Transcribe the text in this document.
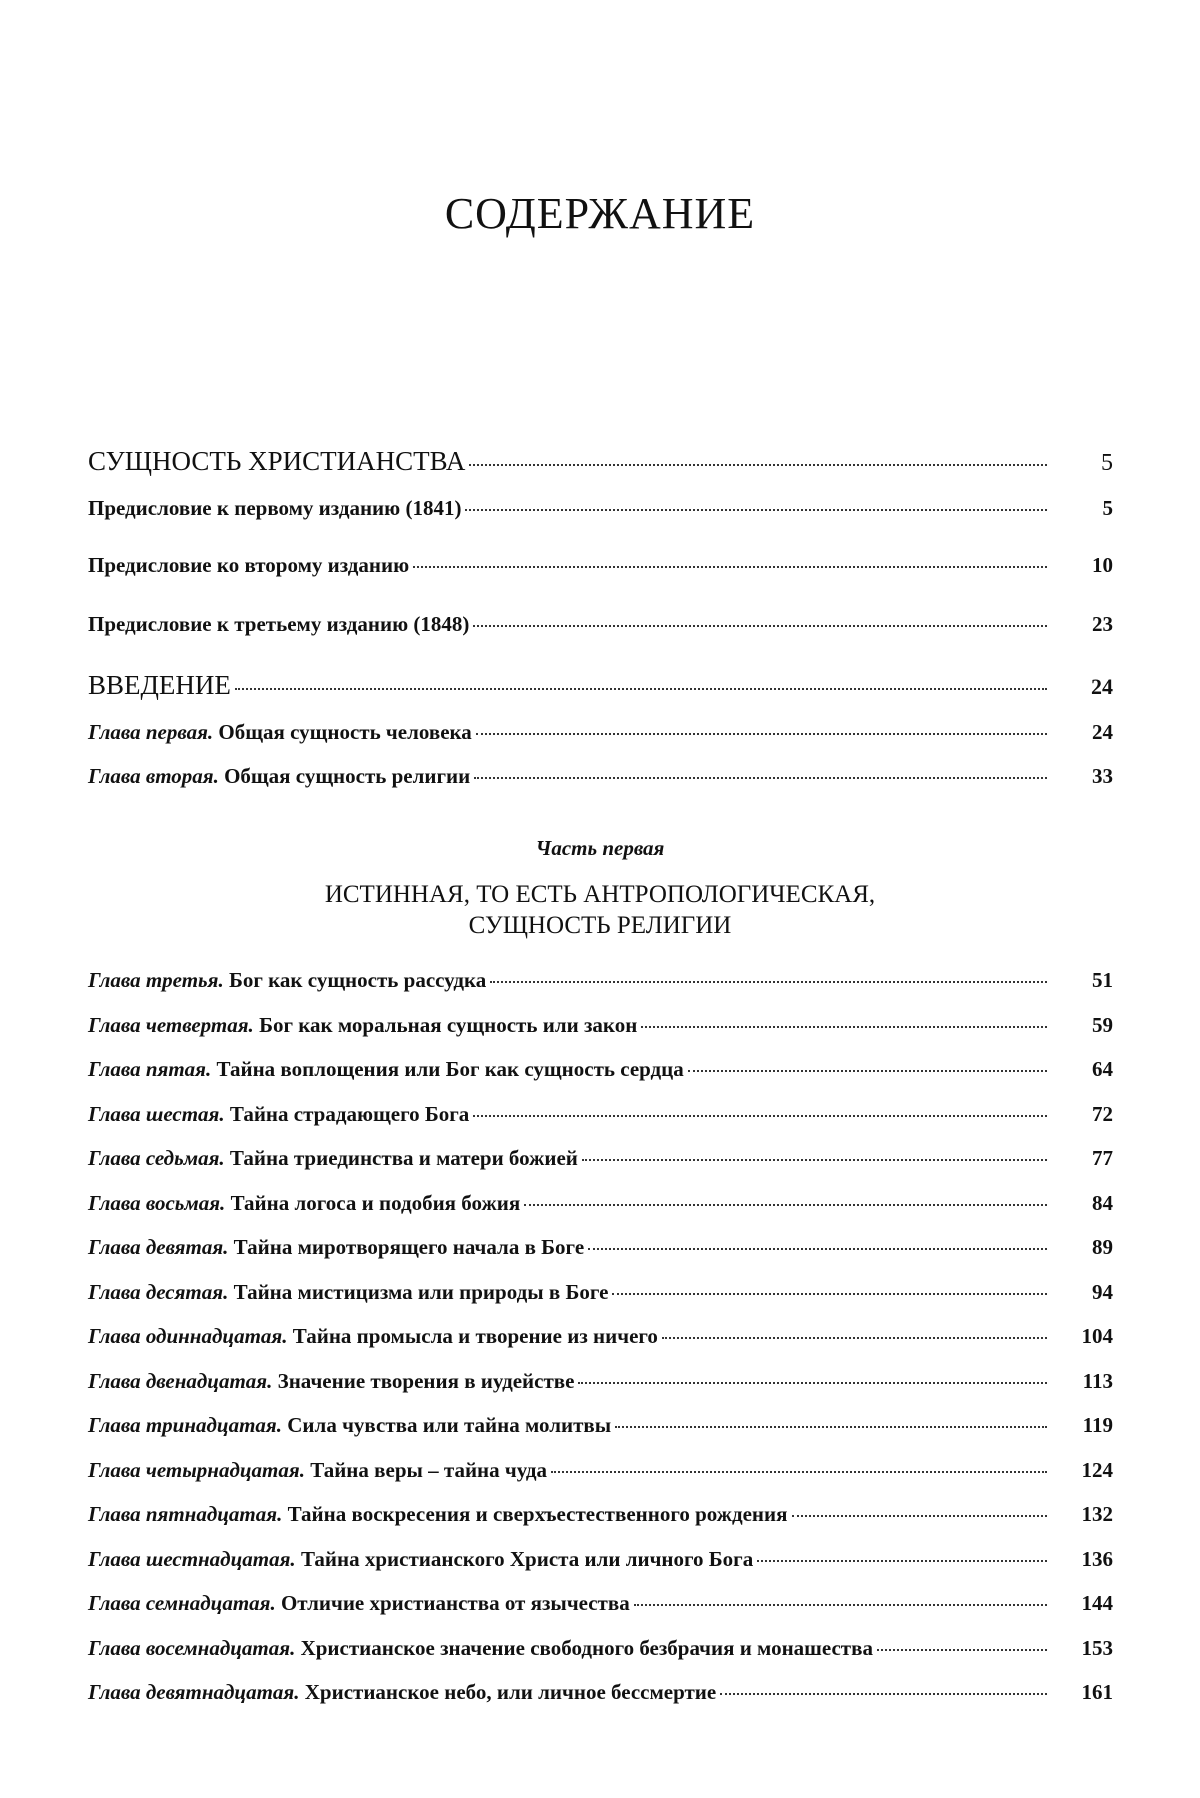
СОДЕРЖАНИЕ
СУЩНОСТЬ ХРИСТИАНСТВА	5
Предисловие к первому изданию (1841)	5
Предисловие ко второму изданию	10
Предисловие к третьему изданию (1848)	23
ВВЕДЕНИЕ	24
Глава первая. Общая сущность человека	24
Глава вторая. Общая сущность религии	33
Часть первая
ИСТИННАЯ, ТО ЕСТЬ АНТРОПОЛОГИЧЕСКАЯ,
СУЩНОСТЬ РЕЛИГИИ
Глава третья. Бог как сущность рассудка	51
Глава четвертая. Бог как моральная сущность или закон	59
Глава пятая. Тайна воплощения или Бог как сущность сердца	64
Глава шестая. Тайна страдающего Бога	72
Глава седьмая. Тайна триединства и матери божией	77
Глава восьмая. Тайна логоса и подобия божия	84
Глава девятая. Тайна миротворящего начала в Боге	89
Глава десятая. Тайна мистицизма или природы в Боге	94
Глава одиннадцатая. Тайна промысла и творение из ничего	104
Глава двенадцатая. Значение творения в иудействе	113
Глава тринадцатая. Сила чувства или тайна молитвы	119
Глава четырнадцатая. Тайна веры – тайна чуда	124
Глава пятнадцатая. Тайна воскресения и сверхъестественного рождения	132
Глава шестнадцатая. Тайна христианского Христа или личного Бога	136
Глава семнадцатая. Отличие христианства от язычества	144
Глава восемнадцатая. Христианское значение свободного безбрачия и монашества	153
Глава девятнадцатая. Христианское небо, или личное бессмертие	161
